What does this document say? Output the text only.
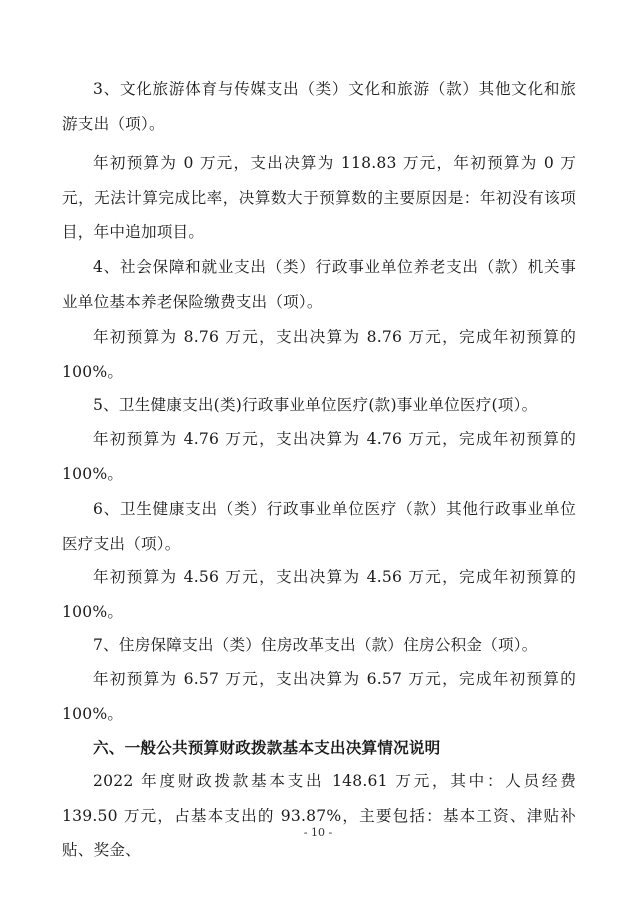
3、文化旅游体育与传媒支出（类）文化和旅游（款）其他文化和旅游支出（项）。

年初预算为 0 万元，支出决算为 118.83 万元，年初预算为 0 万元，无法计算完成比率，决算数大于预算数的主要原因是：年初没有该项目，年中追加项目。

4、社会保障和就业支出（类）行政事业单位养老支出（款）机关事业单位基本养老保险缴费支出（项）。

年初预算为 8.76 万元，支出决算为 8.76 万元，完成年初预算的 100%。

5、卫生健康支出(类)行政事业单位医疗(款)事业单位医疗(项）。

年初预算为 4.76 万元，支出决算为 4.76 万元，完成年初预算的 100%。

6、卫生健康支出（类）行政事业单位医疗（款）其他行政事业单位医疗支出（项）。

年初预算为 4.56 万元，支出决算为 4.56 万元，完成年初预算的 100%。

7、住房保障支出（类）住房改革支出（款）住房公积金（项）。

年初预算为 6.57 万元，支出决算为 6.57 万元，完成年初预算的 100%。

六、一般公共预算财政拨款基本支出决算情况说明

2022 年度财政拨款基本支出 148.61 万元，其中：人员经费 139.50 万元，占基本支出的 93.87%，主要包括：基本工资、津贴补贴、奖金、

- 10 -
